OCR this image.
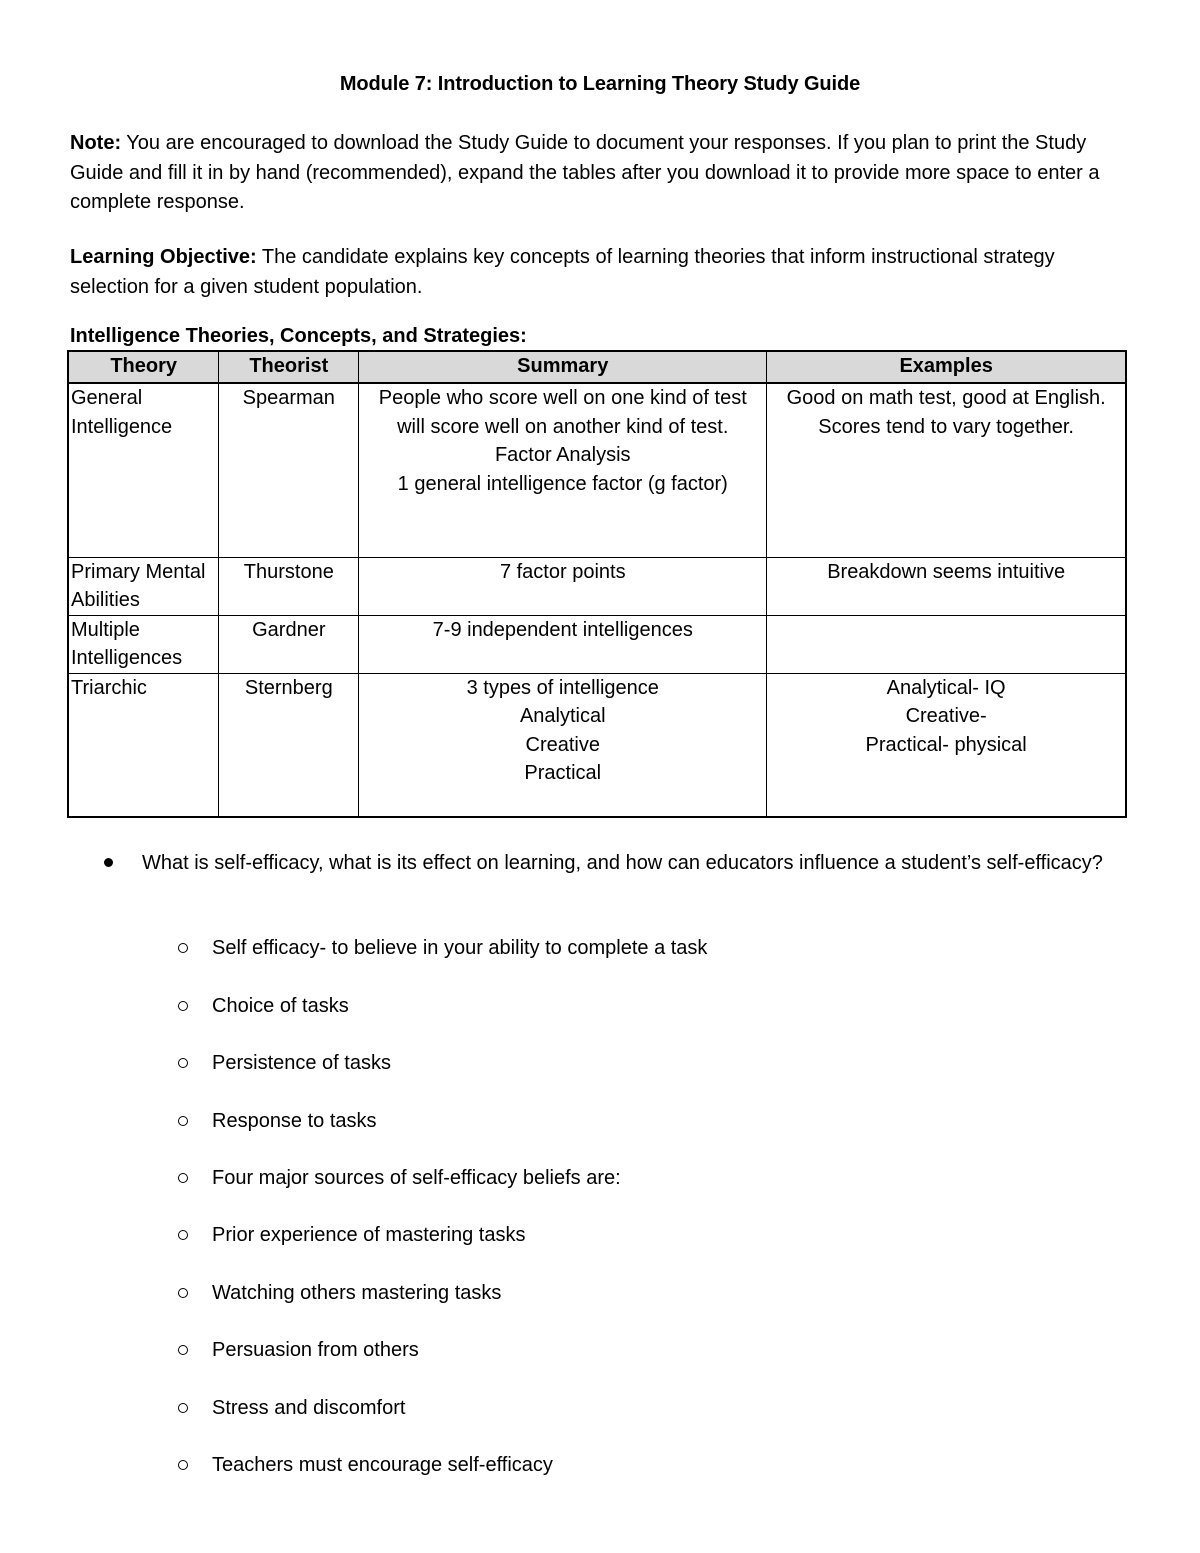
Module 7: Introduction to Learning Theory Study Guide
Note: You are encouraged to download the Study Guide to document your responses. If you plan to print the Study Guide and fill it in by hand (recommended), expand the tables after you download it to provide more space to enter a complete response.
Learning Objective: The candidate explains key concepts of learning theories that inform instructional strategy selection for a given student population.
Intelligence Theories, Concepts, and Strategies:
Theory	Theorist	Summary	Examples

General
Intelligence	Spearman	People who score well on one kind of test
will score well on another kind of test.
Factor Analysis
1 general intelligence factor (g factor)	Good on math test, good at English.
Scores tend to vary together.

Primary Mental
Abilities	Thurstone	7 factor points	Breakdown seems intuitive

Multiple
Intelligences	Gardner	7-9 independent intelligences	

Triarchic	Sternberg	3 types of intelligence
Analytical
Creative
Practical	Analytical- IQ
Creative-
Practical- physical
What is self-efficacy, what is its effect on learning, and how can educators influence a student’s self-efficacy?
Self efficacy- to believe in your ability to complete a task
Choice of tasks
Persistence of tasks
Response to tasks
Four major sources of self-efficacy beliefs are:
Prior experience of mastering tasks
Watching others mastering tasks
Persuasion from others
Stress and discomfort
Teachers must encourage self-efficacy
